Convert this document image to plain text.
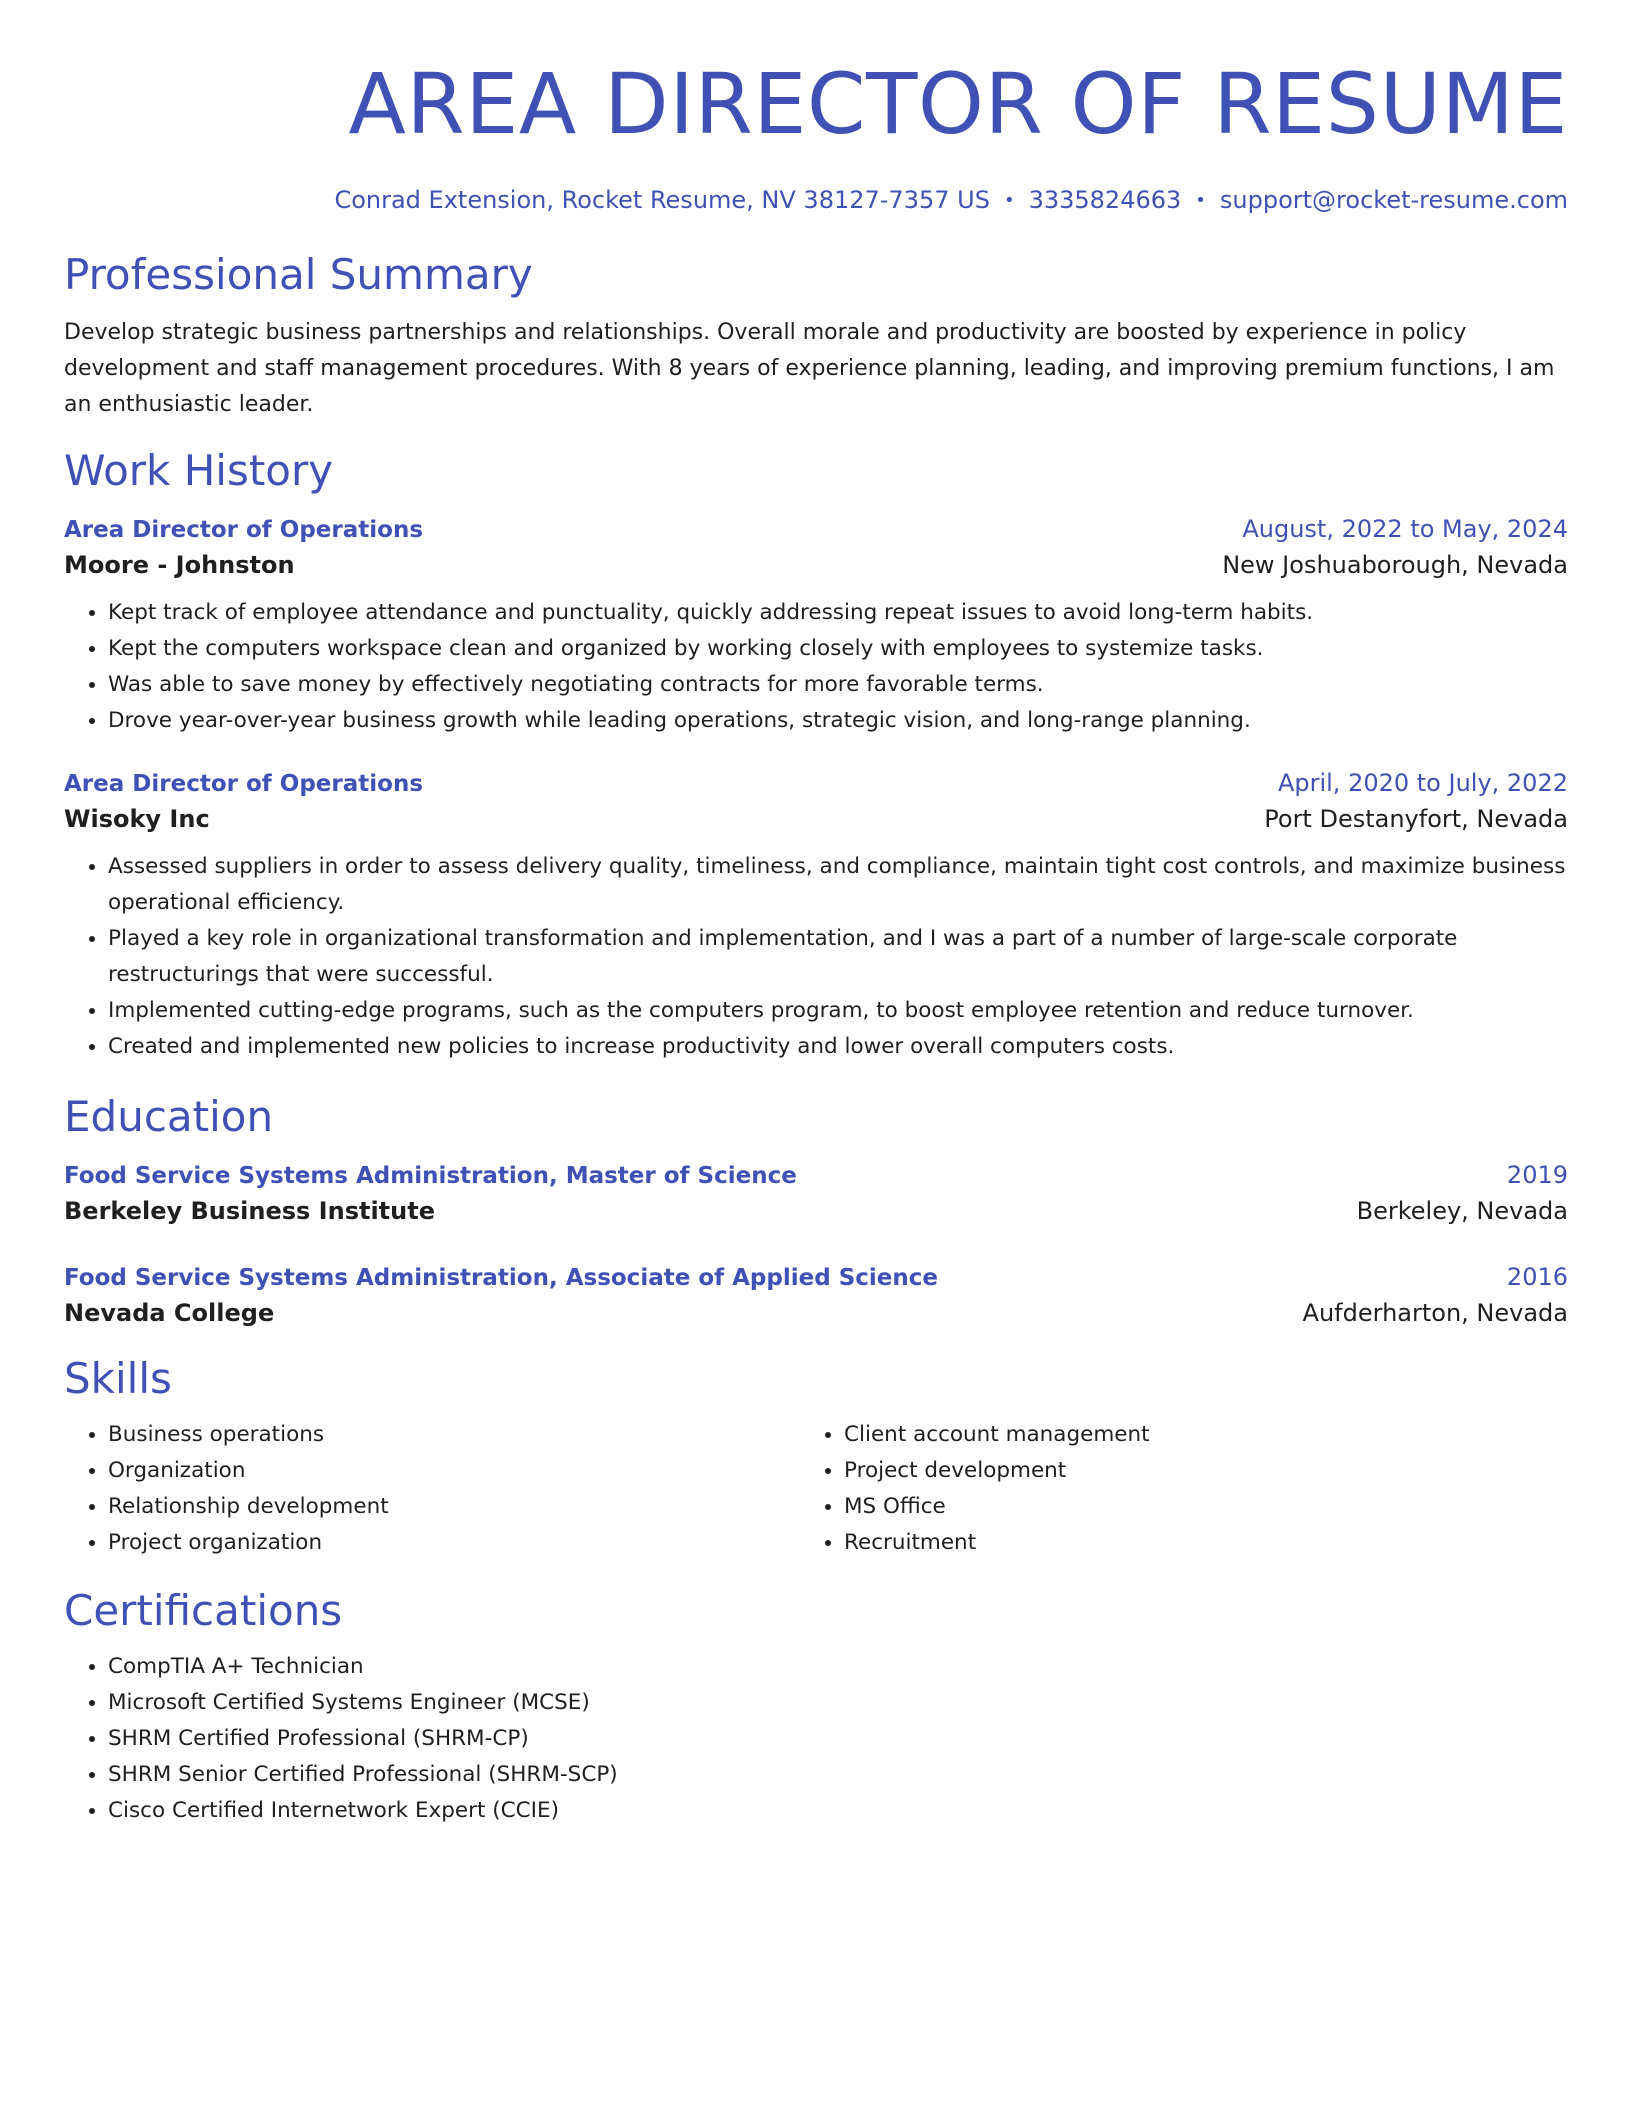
AREA DIRECTOR OF RESUME
Conrad Extension, Rocket Resume, NV 38127-7357 US • 3335824663 • support@rocket-resume.com
Professional Summary
Develop strategic business partnerships and relationships. Overall morale and productivity are boosted by experience in policy development and staff management procedures. With 8 years of experience planning, leading, and improving premium functions, I am an enthusiastic leader.
Work History
Area Director of Operations	August, 2022 to May, 2024
Moore - Johnston	New Joshuaborough, Nevada
• Kept track of employee attendance and punctuality, quickly addressing repeat issues to avoid long-term habits.
• Kept the computers workspace clean and organized by working closely with employees to systemize tasks.
• Was able to save money by effectively negotiating contracts for more favorable terms.
• Drove year-over-year business growth while leading operations, strategic vision, and long-range planning.
Area Director of Operations	April, 2020 to July, 2022
Wisoky Inc	Port Destanyfort, Nevada
• Assessed suppliers in order to assess delivery quality, timeliness, and compliance, maintain tight cost controls, and maximize business operational efficiency.
• Played a key role in organizational transformation and implementation, and I was a part of a number of large-scale corporate restructurings that were successful.
• Implemented cutting-edge programs, such as the computers program, to boost employee retention and reduce turnover.
• Created and implemented new policies to increase productivity and lower overall computers costs.
Education
Food Service Systems Administration, Master of Science	2019
Berkeley Business Institute	Berkeley, Nevada
Food Service Systems Administration, Associate of Applied Science	2016
Nevada College	Aufderharton, Nevada
Skills
• Business operations
• Organization
• Relationship development
• Project organization
• Client account management
• Project development
• MS Office
• Recruitment
Certifications
• CompTIA A+ Technician
• Microsoft Certified Systems Engineer (MCSE)
• SHRM Certified Professional (SHRM-CP)
• SHRM Senior Certified Professional (SHRM-SCP)
• Cisco Certified Internetwork Expert (CCIE)
